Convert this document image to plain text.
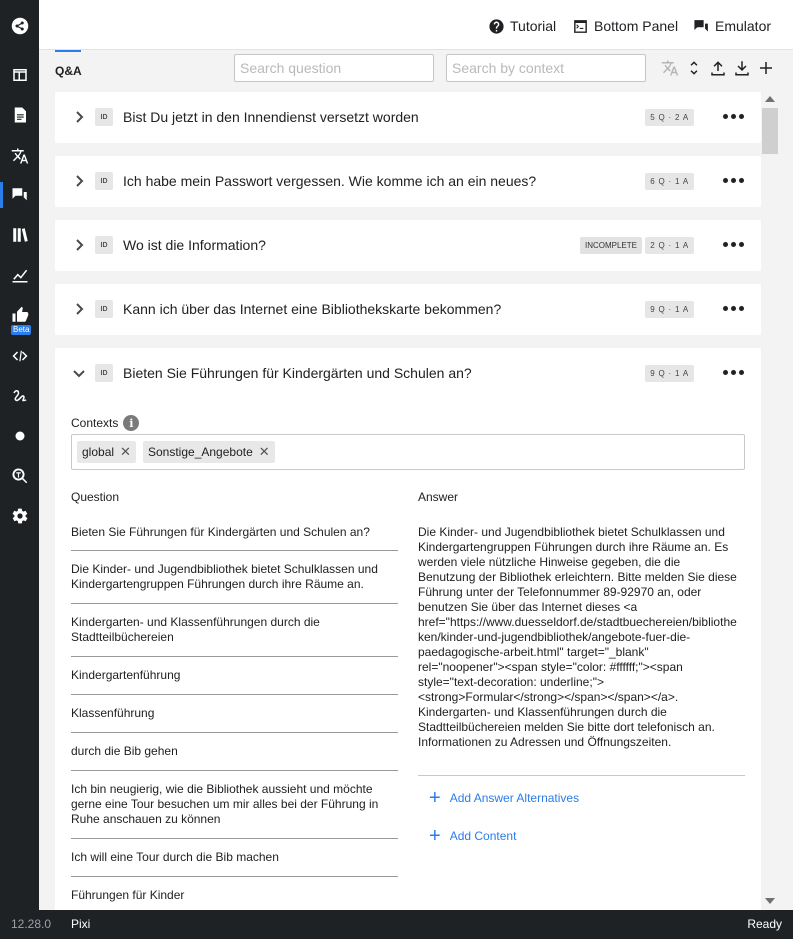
Beta
Tutorial	Bottom Panel	Emulator
Q&A
Search question
Search by context
ID	Bist Du jetzt in den Innendienst versetzt worden	5 Q · 2 A
ID	Ich habe mein Passwort vergessen. Wie komme ich an ein neues?	6 Q · 1 A
ID	Wo ist die Information?	INCOMPLETE	2 Q · 1 A
ID	Kann ich über das Internet eine Bibliothekskarte bekommen?	9 Q · 1 A
ID	Bieten Sie Führungen für Kindergärten und Schulen an?	9 Q · 1 A
Contexts i
global ✕ Sonstige_Angebote ✕
Question	Answer
Bieten Sie Führungen für Kindergärten und Schulen an?
Die Kinder- und Jugendbibliothek bietet Schulklassen und Kindergartengruppen Führungen durch ihre Räume an.
Kindergarten- und Klassenführungen durch die Stadtteilbüchereien
Kindergartenführung
Klassenführung
durch die Bib gehen
Ich bin neugierig, wie die Bibliothek aussieht und möchte gerne eine Tour besuchen um mir alles bei der Führung in Ruhe anschauen zu können
Ich will eine Tour durch die Bib machen
Führungen für Kinder
Die Kinder- und Jugendbibliothek bietet Schulklassen und Kindergartengruppen Führungen durch ihre Räume an. Es werden viele nützliche Hinweise gegeben, die die Benutzung der Bibliothek erleichtern. Bitte melden Sie diese Führung unter der Telefonnummer 89-92970 an, oder benutzen Sie über das Internet dieses <a href="https://www.duesseldorf.de/stadtbuechereien/bibliotheken/kinder-und-jugendbibliothek/angebote-fuer-die-paedagogische-arbeit.html" target="_blank" rel="noopener"><span style="color: #ffffff;"><span style="text-decoration: underline;"><strong>Formular</strong></span></span></a>. Kindergarten- und Klassenführungen durch die Stadtteilbüchereien melden Sie bitte dort telefonisch an. Informationen zu Adressen und Öffnungszeiten.
+ Add Answer Alternatives
+ Add Content
12.28.0 Pixi	Ready
